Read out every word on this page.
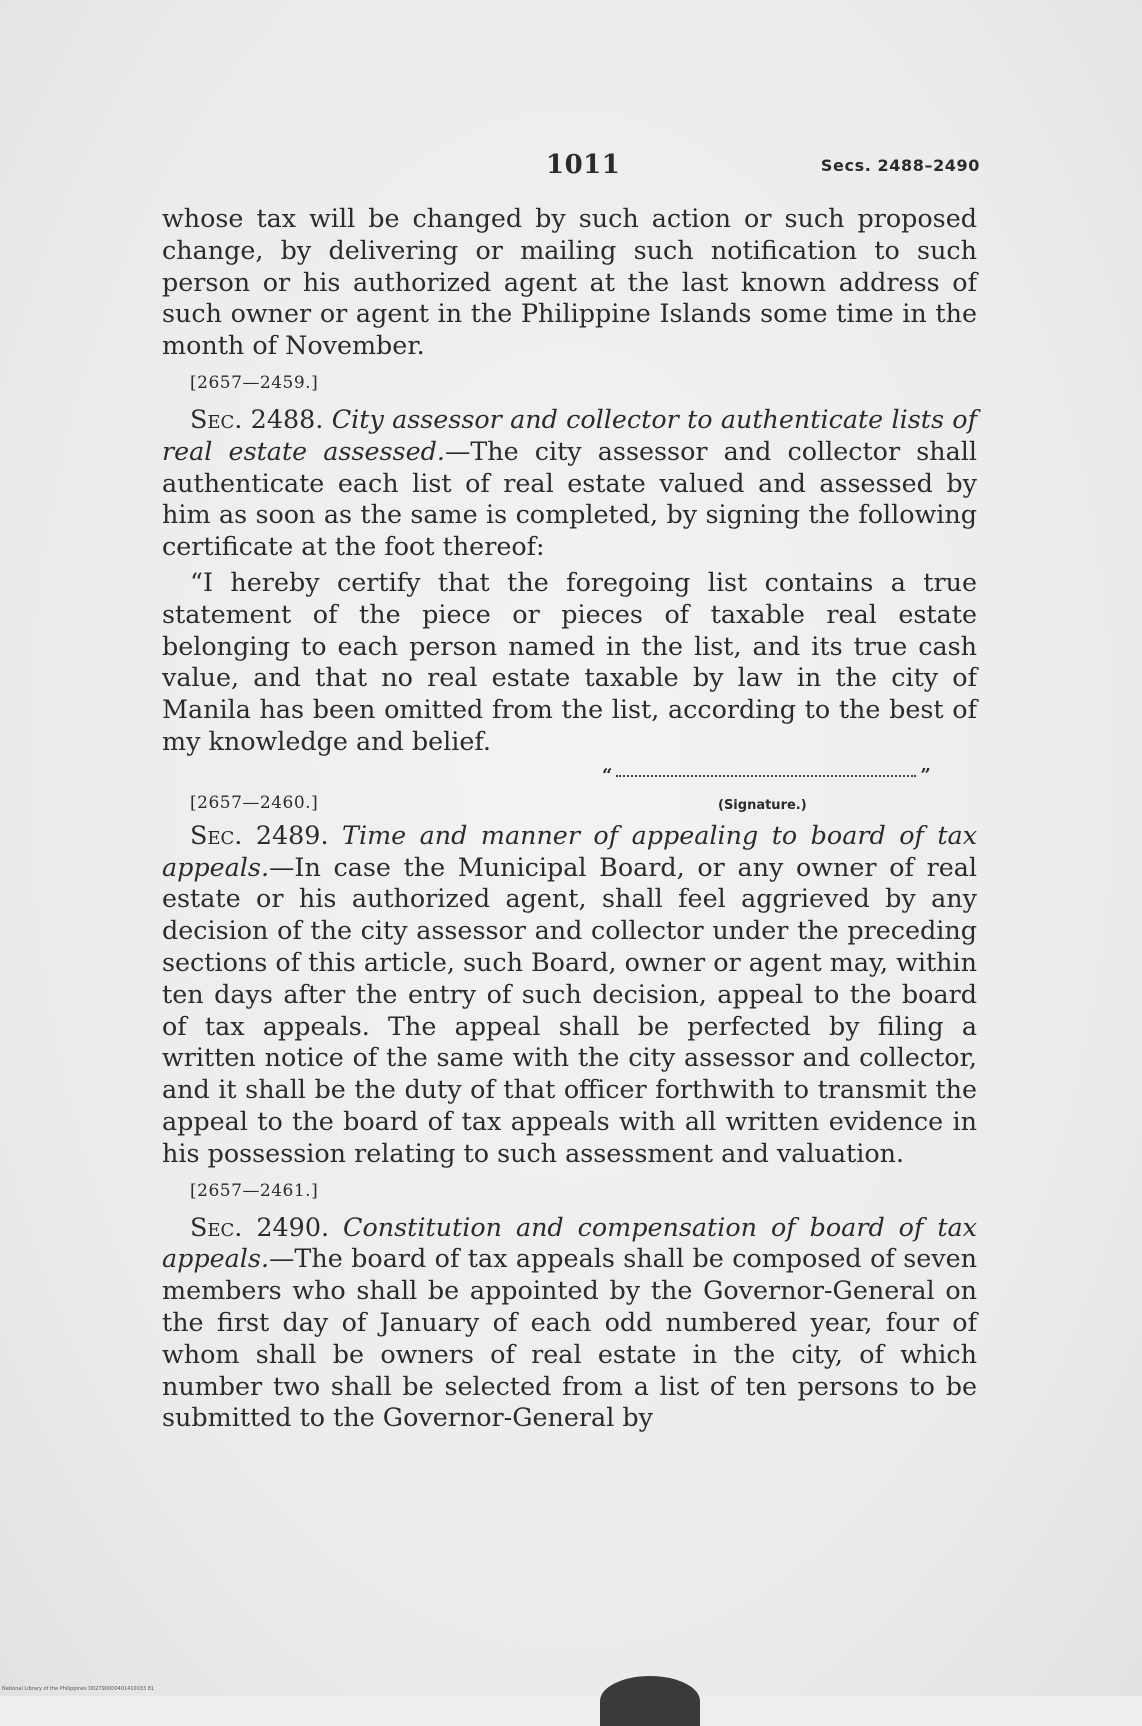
1011	Secs. 2488–2490

whose tax will be changed by such action or such proposed change, by delivering or mailing such notification to such person or his authorized agent at the last known address of such owner or agent in the Philippine Islands some time in the month of November.

[2657—2459.]

Sec. 2488. City assessor and collector to authenticate lists of real estate assessed.—The city assessor and collector shall authenticate each list of real estate valued and assessed by him as soon as the same is completed, by signing the following certificate at the foot thereof:

“I hereby certify that the foregoing list contains a true statement of the piece or pieces of taxable real estate belonging to each person named in the list, and its true cash value, and that no real estate taxable by law in the city of Manila has been omitted from the list, according to the best of my knowledge and belief.

“	”
(Signature.)
[2657—2460.]

Sec. 2489. Time and manner of appealing to board of tax appeals.—In case the Municipal Board, or any owner of real estate or his authorized agent, shall feel aggrieved by any decision of the city assessor and collector under the preceding sections of this article, such Board, owner or agent may, within ten days after the entry of such decision, appeal to the board of tax appeals. The appeal shall be perfected by filing a written notice of the same with the city assessor and collector, and it shall be the duty of that officer forthwith to transmit the appeal to the board of tax appeals with all written evidence in his possession relating to such assessment and valuation.

[2657—2461.]

Sec. 2490. Constitution and compensation of board of tax appeals.—The board of tax appeals shall be composed of seven members who shall be appointed by the Governor-General on the first day of January of each odd numbered year, four of whom shall be owners of real estate in the city, of which number two shall be selected from a list of ten persons to be submitted to the Governor-General by

National Library of the Philippines D02790000401410033 81
